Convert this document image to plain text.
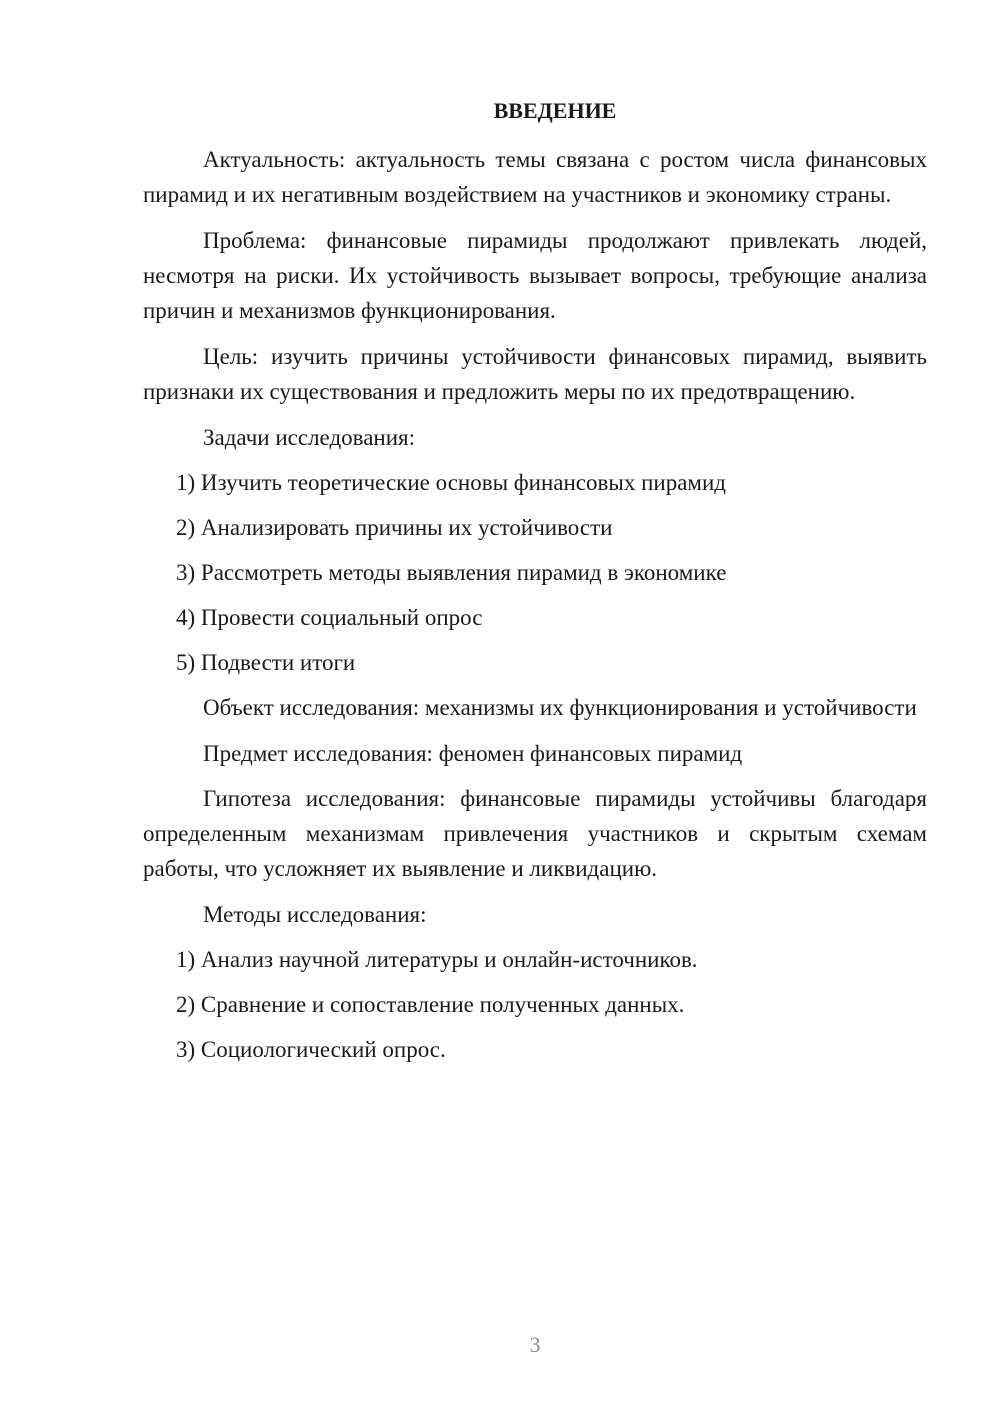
ВВЕДЕНИЕ

Актуальность: актуальность темы связана с ростом числа финансовых пирамид и их негативным воздействием на участников и экономику страны.

Проблема: финансовые пирамиды продолжают привлекать людей, несмотря на риски. Их устойчивость вызывает вопросы, требующие анализа причин и механизмов функционирования.

Цель: изучить причины устойчивости финансовых пирамид, выявить признаки их существования и предложить меры по их предотвращению.

Задачи исследования:

1) Изучить теоретические основы финансовых пирамид

2) Анализировать причины их устойчивости

3) Рассмотреть методы выявления пирамид в экономике

4) Провести социальный опрос

5) Подвести итоги

Объект исследования: механизмы их функционирования и устойчивости

Предмет исследования: феномен финансовых пирамид

Гипотеза исследования: финансовые пирамиды устойчивы благодаря определенным механизмам привлечения участников и скрытым схемам работы, что усложняет их выявление и ликвидацию.

Методы исследования:

1) Анализ научной литературы и онлайн-источников.

2) Сравнение и сопоставление полученных данных.

3) Социологический опрос.

3
